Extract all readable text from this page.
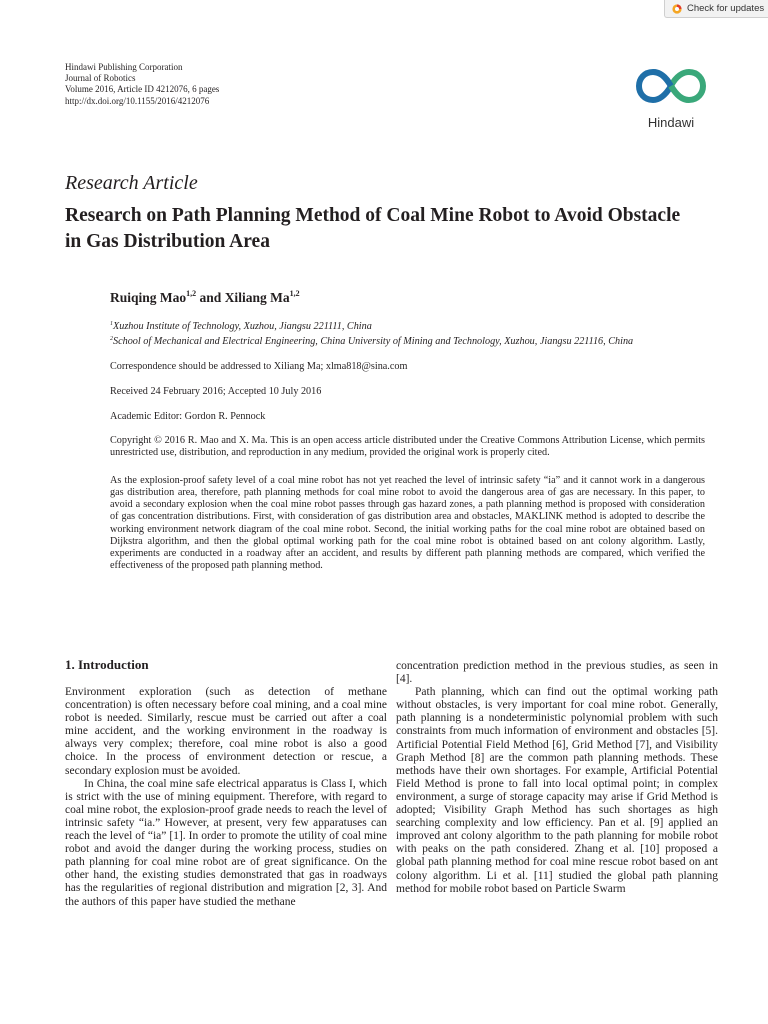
Check for updates
Hindawi Publishing Corporation
Journal of Robotics
Volume 2016, Article ID 4212076, 6 pages
http://dx.doi.org/10.1155/2016/4212076
Hindawi
Research Article
Research on Path Planning Method of Coal Mine Robot to Avoid Obstacle in Gas Distribution Area
Ruiqing Mao$^{1,2}$ and Xiliang Ma$^{1,2}$
$^1$Xuzhou Institute of Technology, Xuzhou, Jiangsu 221111, China
$^2$School of Mechanical and Electrical Engineering, China University of Mining and Technology, Xuzhou, Jiangsu 221116, China
Correspondence should be addressed to Xiliang Ma; xlma818@sina.com
Received 24 February 2016; Accepted 10 July 2016
Academic Editor: Gordon R. Pennock
Copyright © 2016 R. Mao and X. Ma. This is an open access article distributed under the Creative Commons Attribution License, which permits unrestricted use, distribution, and reproduction in any medium, provided the original work is properly cited.
As the explosion-proof safety level of a coal mine robot has not yet reached the level of intrinsic safety “ia” and it cannot work in a dangerous gas distribution area, therefore, path planning methods for coal mine robot to avoid the dangerous area of gas are necessary. In this paper, to avoid a secondary explosion when the coal mine robot passes through gas hazard zones, a path planning method is proposed with consideration of gas concentration distributions. First, with consideration of gas distribution area and obstacles, MAKLINK method is adopted to describe the working environment network diagram of the coal mine robot. Second, the initial working paths for the coal mine robot are obtained based on Dijkstra algorithm, and then the global optimal working path for the coal mine robot is obtained based on ant colony algorithm. Lastly, experiments are conducted in a roadway after an accident, and results by different path planning methods are compared, which verified the effectiveness of the proposed path planning method.
1. Introduction

Environment exploration (such as detection of methane concentration) is often necessary before coal mining, and a coal mine robot is needed. Similarly, rescue must be carried out after a coal mine accident, and the working environment in the roadway is always very complex; therefore, coal mine robot is also a good choice. In the process of environment detection or rescue, a secondary explosion must be avoided.

In China, the coal mine safe electrical apparatus is Class I, which is strict with the use of mining equipment. Therefore, with regard to coal mine robot, the explosion-proof grade needs to reach the level of intrinsic safety “ia.” However, at present, very few apparatuses can reach the level of “ia” [1]. In order to promote the utility of coal mine robot and avoid the danger during the working process, studies on path planning for coal mine robot are of great significance. On the other hand, the existing studies demonstrated that gas in roadways has the regularities of regional distribution and migration [2, 3]. And the authors of this paper have studied the methane

concentration prediction method in the previous studies, as seen in [4].

Path planning, which can find out the optimal working path without obstacles, is very important for coal mine robot. Generally, path planning is a nondeterministic polynomial problem with such constraints from much information of environment and obstacles [5]. Artificial Potential Field Method [6], Grid Method [7], and Visibility Graph Method [8] are the common path planning methods. These methods have their own shortages. For example, Artificial Potential Field Method is prone to fall into local optimal point; in complex environment, a surge of storage capacity may arise if Grid Method is adopted; Visibility Graph Method has such shortages as high searching complexity and low efficiency. Pan et al. [9] applied an improved ant colony algorithm to the path planning for mobile robot with peaks on the path considered. Zhang et al. [10] proposed a global path planning method for coal mine rescue robot based on ant colony algorithm. Li et al. [11] studied the global path planning method for mobile robot based on Particle Swarm
